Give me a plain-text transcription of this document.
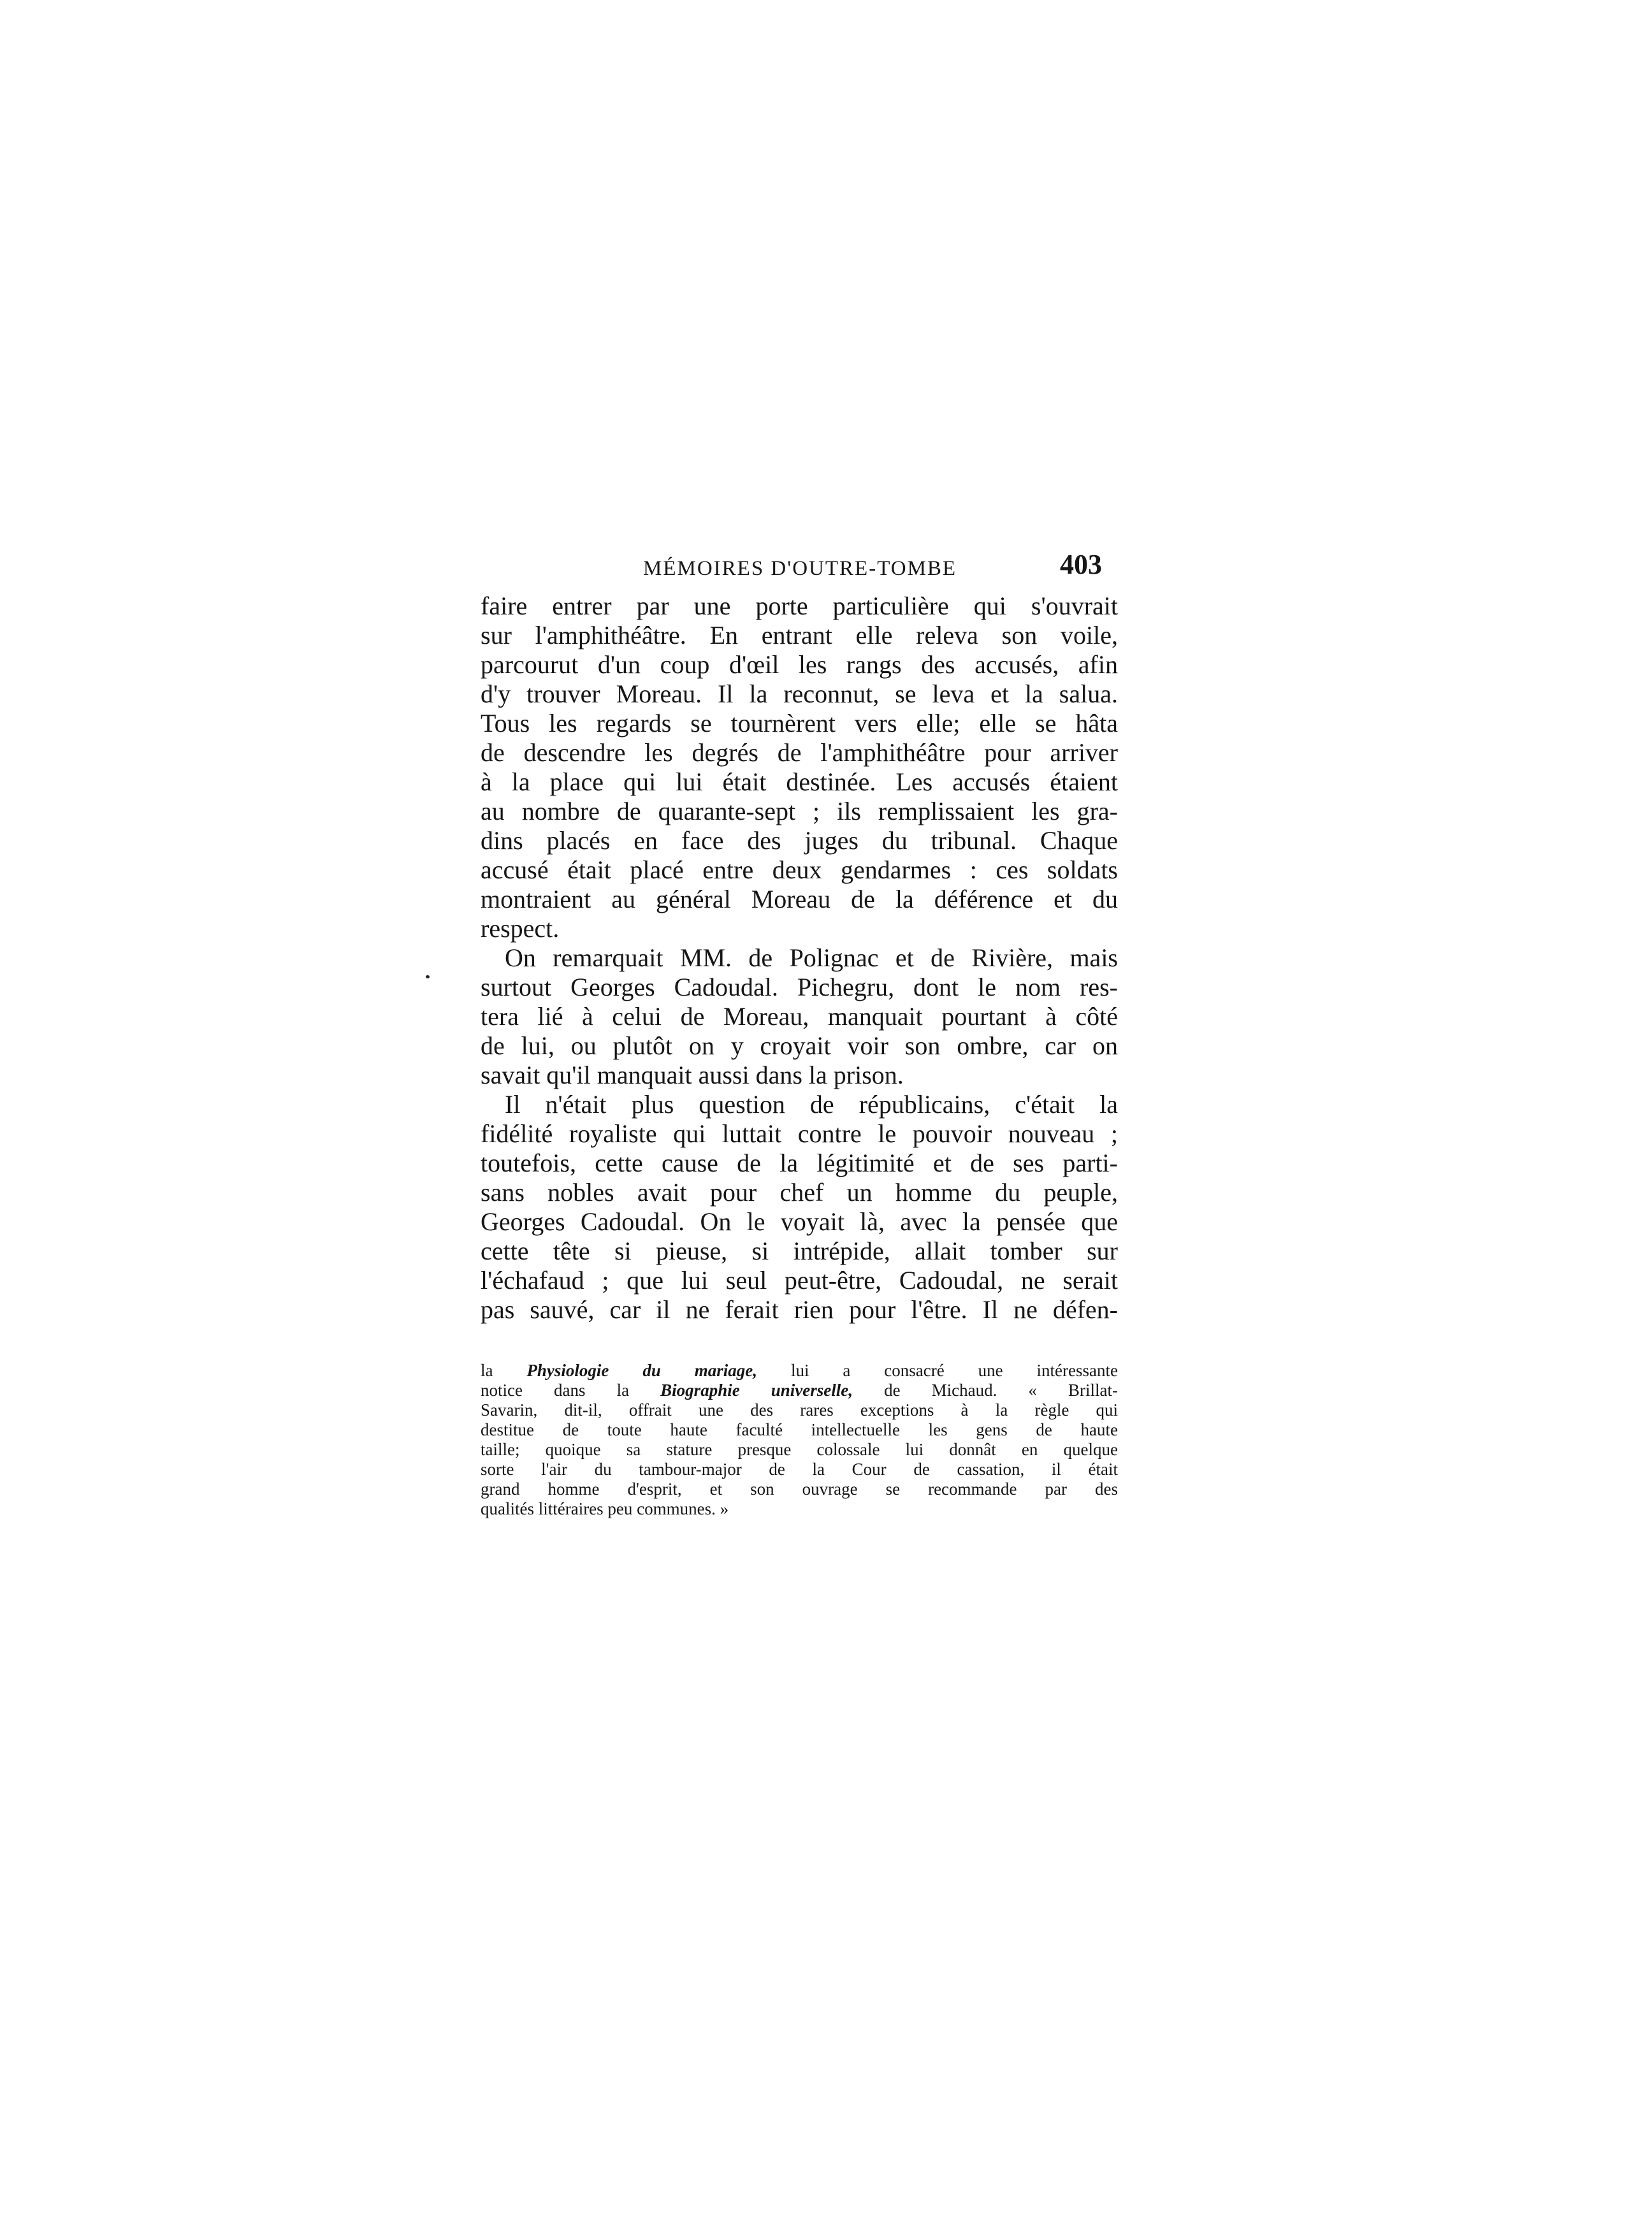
MÉMOIRES D'OUTRE-TOMBE	403
faire entrer par une porte particulière qui s'ouvrait
sur l'amphithéâtre. En entrant elle releva son voile,
parcourut d'un coup d'œil les rangs des accusés, afin
d'y trouver Moreau. Il la reconnut, se leva et la salua.
Tous les regards se tournèrent vers elle; elle se hâta
de descendre les degrés de l'amphithéâtre pour arriver
à la place qui lui était destinée. Les accusés étaient
au nombre de quarante-sept ; ils remplissaient les gra-
dins placés en face des juges du tribunal. Chaque
accusé était placé entre deux gendarmes : ces soldats
montraient au général Moreau de la déférence et du
respect.
On remarquait MM. de Polignac et de Rivière, mais
surtout Georges Cadoudal. Pichegru, dont le nom res-
tera lié à celui de Moreau, manquait pourtant à côté
de lui, ou plutôt on y croyait voir son ombre, car on
savait qu'il manquait aussi dans la prison.
Il n'était plus question de républicains, c'était la
fidélité royaliste qui luttait contre le pouvoir nouveau ;
toutefois, cette cause de la légitimité et de ses parti-
sans nobles avait pour chef un homme du peuple,
Georges Cadoudal. On le voyait là, avec la pensée que
cette tête si pieuse, si intrépide, allait tomber sur
l'échafaud ; que lui seul peut-être, Cadoudal, ne serait
pas sauvé, car il ne ferait rien pour l'être. Il ne défen-
la Physiologie du mariage, lui a consacré une intéressante
notice dans la Biographie universelle, de Michaud. « Brillat-
Savarin, dit-il, offrait une des rares exceptions à la règle qui
destitue de toute haute faculté intellectuelle les gens de haute
taille; quoique sa stature presque colossale lui donnât en quelque
sorte l'air du tambour-major de la Cour de cassation, il était
grand homme d'esprit, et son ouvrage se recommande par des
qualités littéraires peu communes. »
